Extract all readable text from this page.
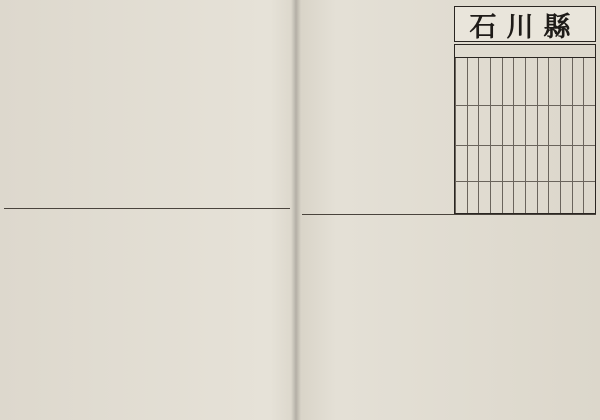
石川縣
